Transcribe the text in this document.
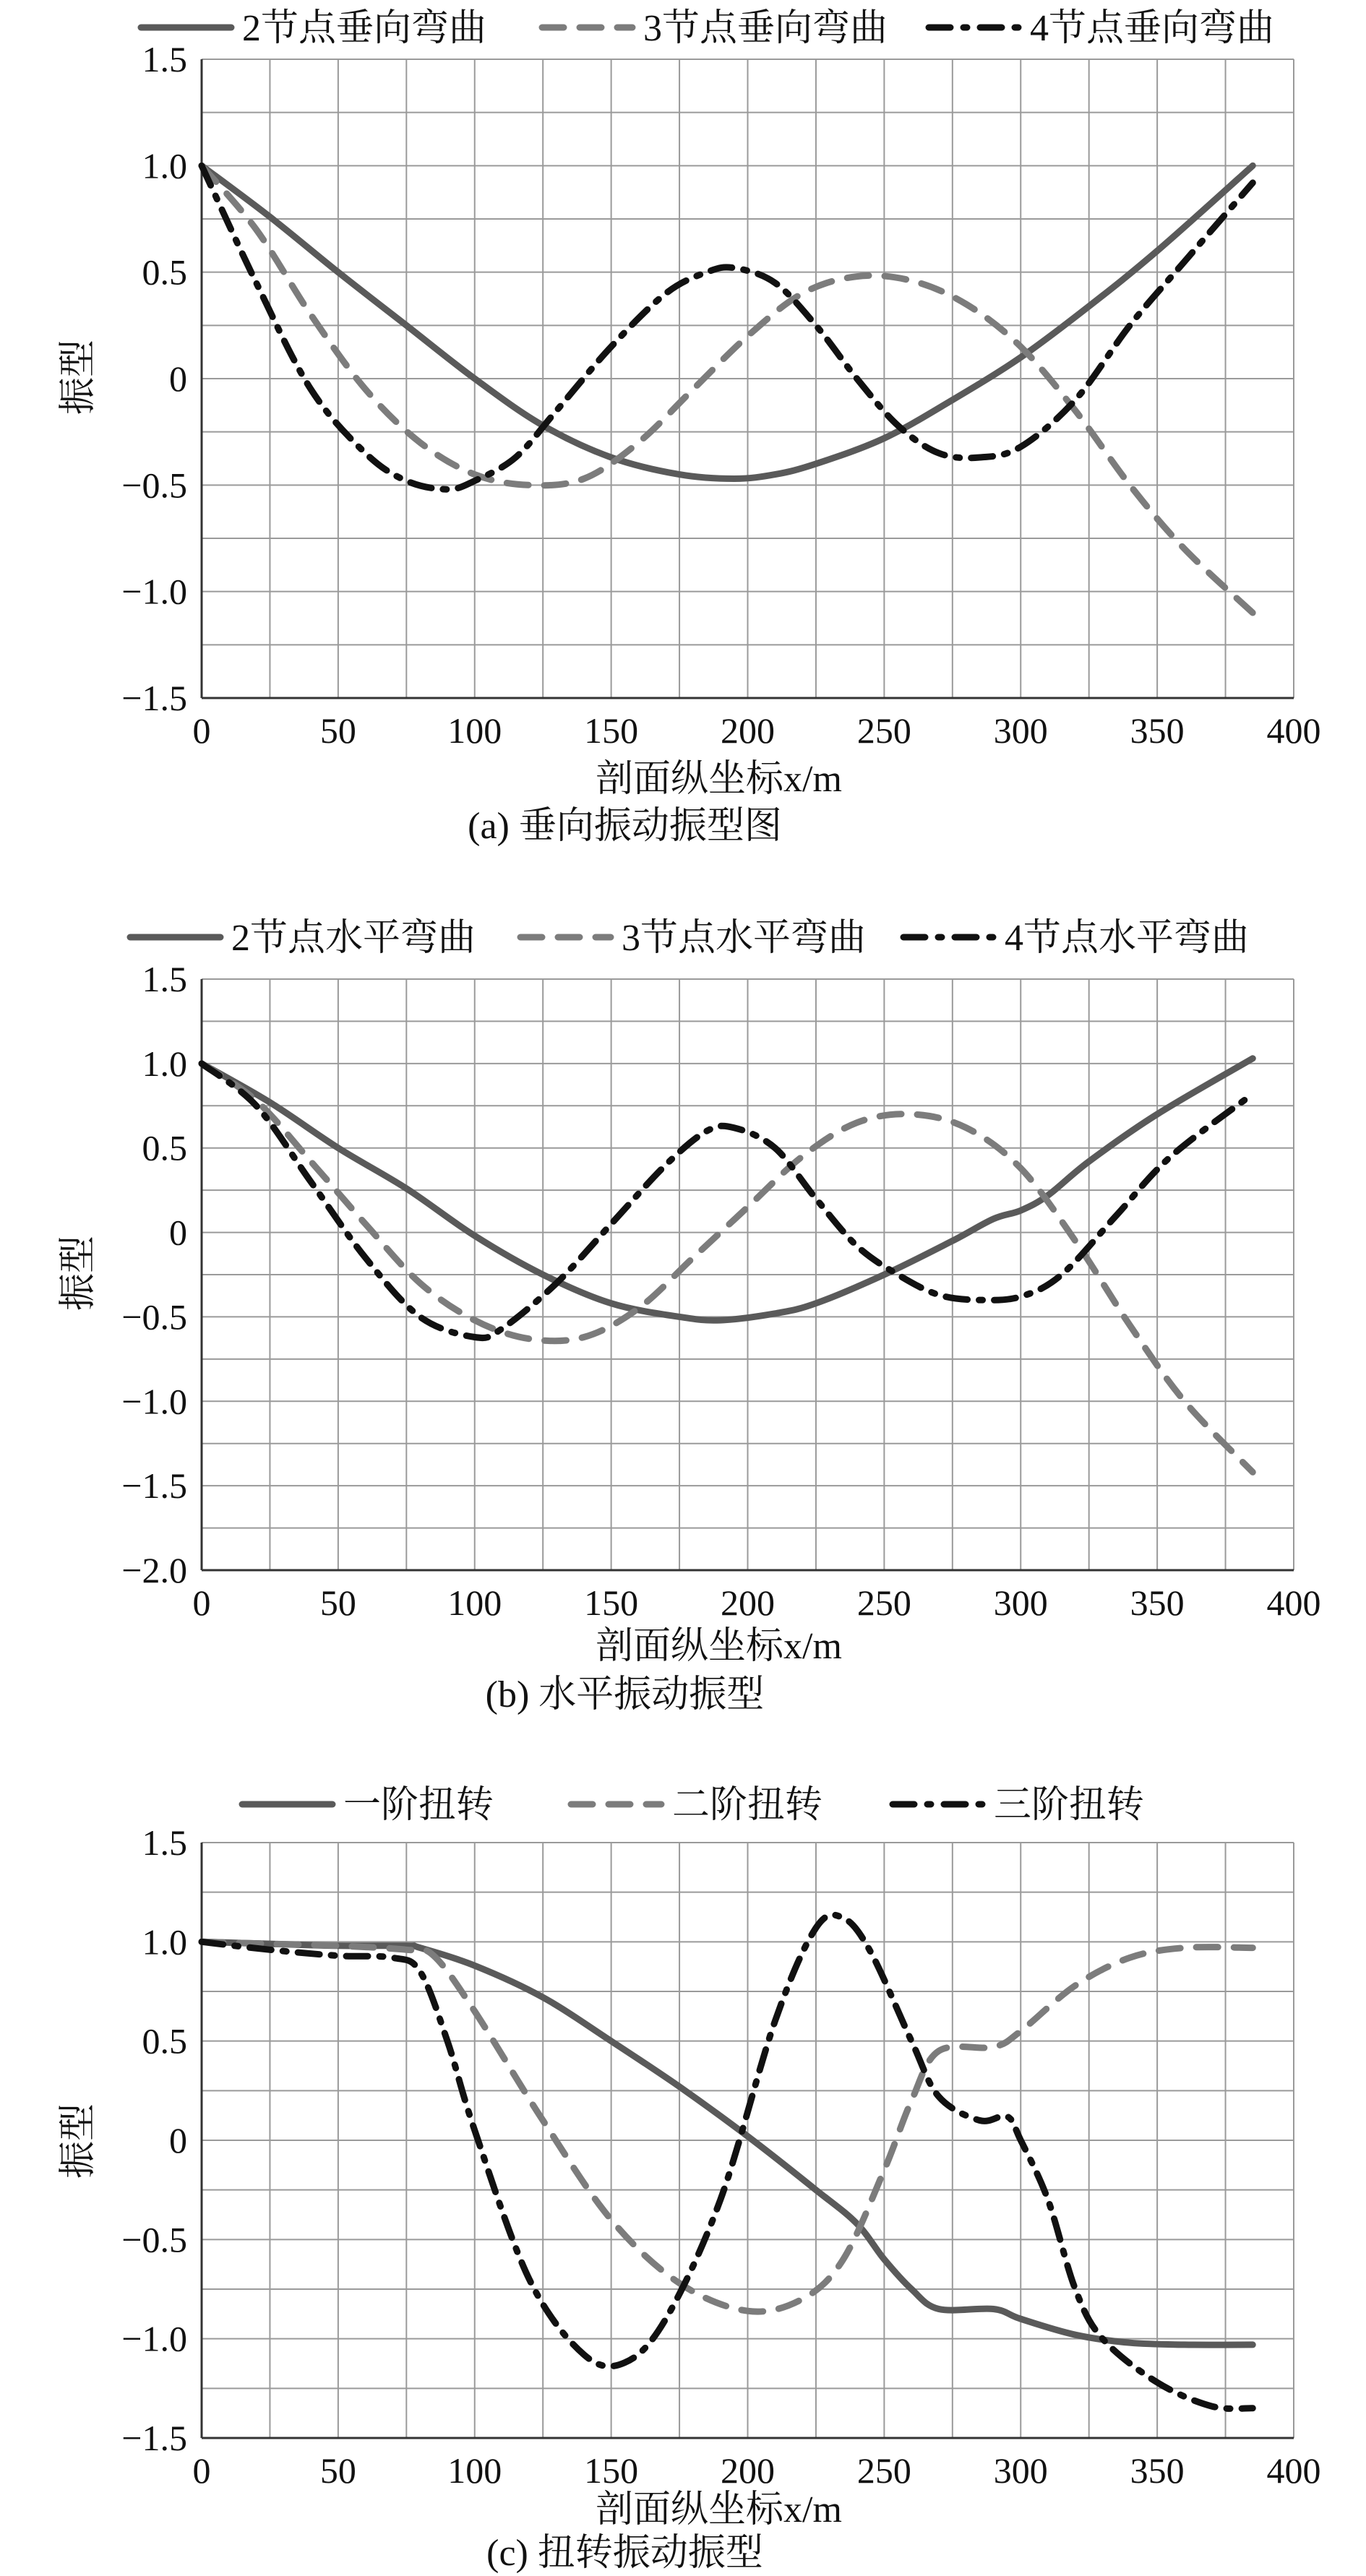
0	50	100 150 200 250 300 350 400
1.5
1.0
0.5
0
−0.5
−1.0
−1.5
2节点垂向弯曲	3节点垂向弯曲	4节点垂向弯曲
剖面纵坐标x/m
振型
(a) 垂向振动振型图
0	50	100 150 200 250 300 350 400
1.5
1.0
0.5
0
−0.5
−1.0
−1.5
−2.0
2节点水平弯曲	3节点水平弯曲	4节点水平弯曲
剖面纵坐标x/m
振型
(b) 水平振动振型
0	50	100 150 200 250 300 350 400
1.5
1.0
0.5
0
−0.5
−1.0
−1.5
一阶扭转	二阶扭转	三阶扭转
剖面纵坐标x/m
振型
(c) 扭转振动振型
